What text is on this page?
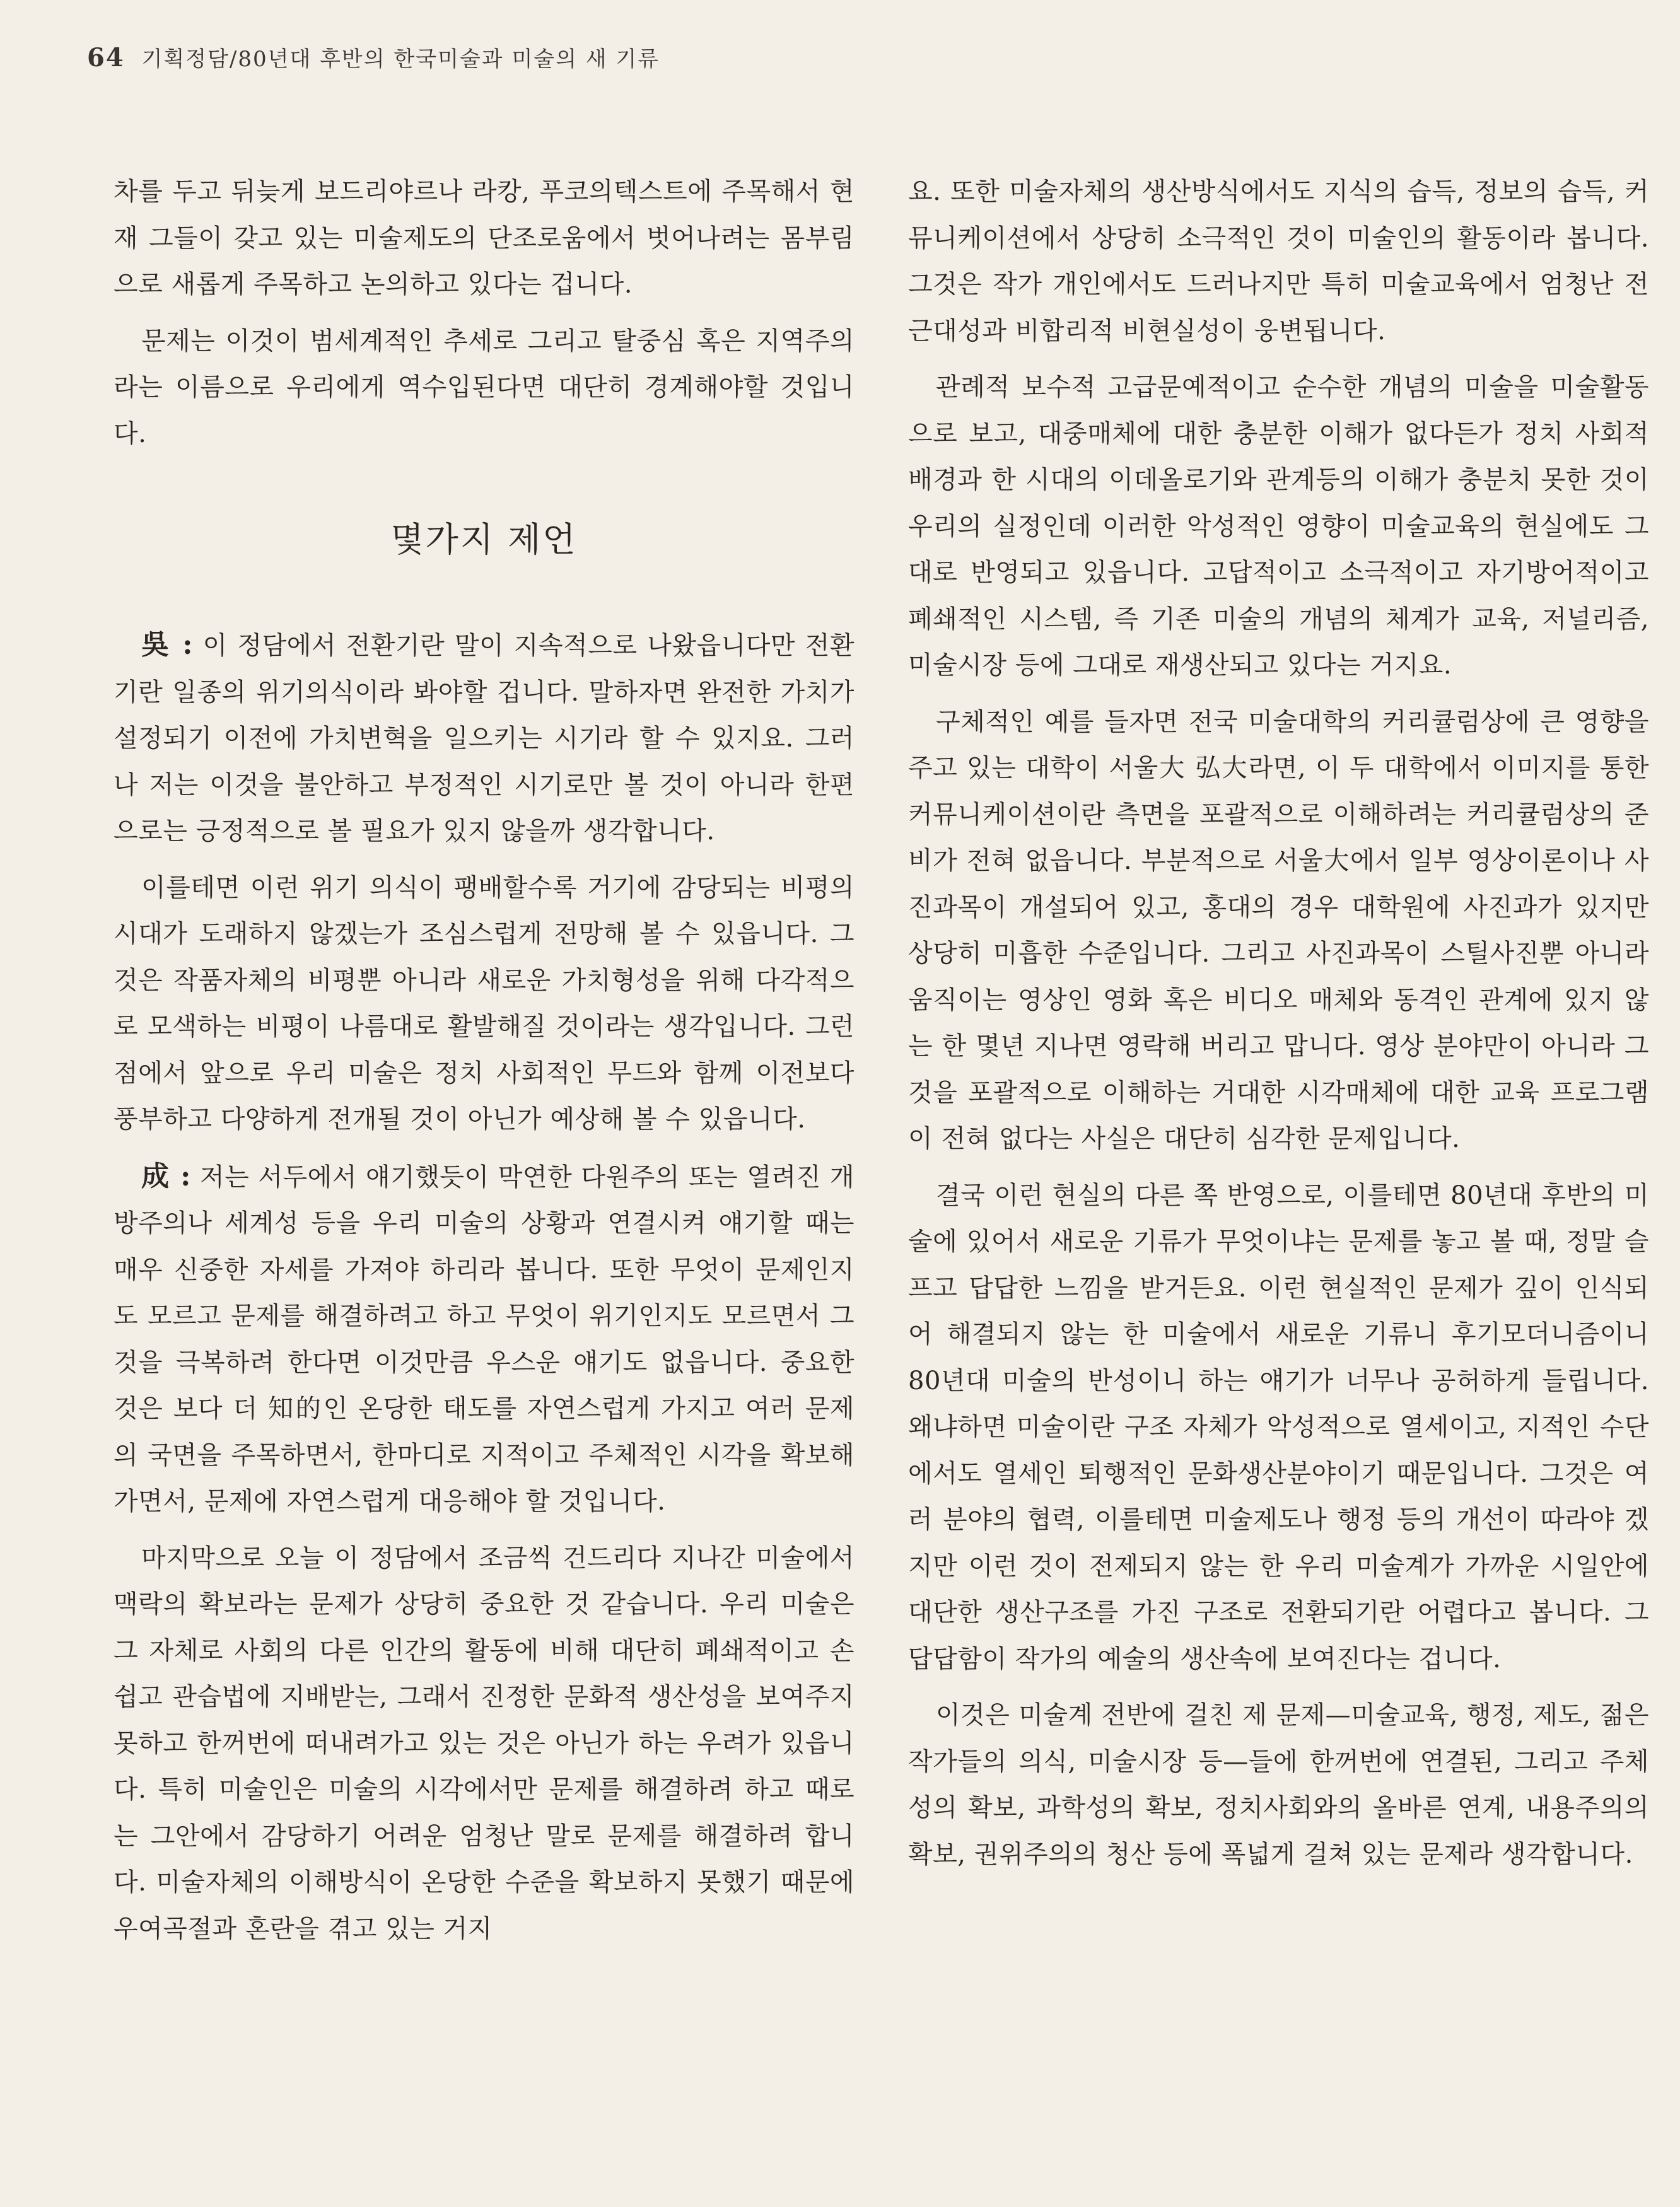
64 기획정담/80년대 후반의 한국미술과 미술의 새 기류

차를 두고 뒤늦게 보드리야르나 라캉, 푸코의텍스트에 주목해서 현재 그들이 갖고 있는 미술제도의 단조로움에서 벗어나려는 몸부림으로 새롭게 주목하고 논의하고 있다는 겁니다.

문제는 이것이 범세계적인 추세로 그리고 탈중심 혹은 지역주의라는 이름으로 우리에게 역수입된다면 대단히 경계해야할 것입니다.

몇가지 제언

吳 : 이 정담에서 전환기란 말이 지속적으로 나왔읍니다만 전환기란 일종의 위기의식이라 봐야할 겁니다. 말하자면 완전한 가치가 설정되기 이전에 가치변혁을 일으키는 시기라 할 수 있지요. 그러나 저는 이것을 불안하고 부정적인 시기로만 볼 것이 아니라 한편으로는 긍정적으로 볼 필요가 있지 않을까 생각합니다.

이를테면 이런 위기 의식이 팽배할수록 거기에 감당되는 비평의 시대가 도래하지 않겠는가 조심스럽게 전망해 볼 수 있읍니다. 그것은 작품자체의 비평뿐 아니라 새로운 가치형성을 위해 다각적으로 모색하는 비평이 나름대로 활발해질 것이라는 생각입니다. 그런 점에서 앞으로 우리 미술은 정치 사회적인 무드와 함께 이전보다 풍부하고 다양하게 전개될 것이 아닌가 예상해 볼 수 있읍니다.

成 : 저는 서두에서 얘기했듯이 막연한 다원주의 또는 열려진 개방주의나 세계성 등을 우리 미술의 상황과 연결시켜 얘기할 때는 매우 신중한 자세를 가져야 하리라 봅니다. 또한 무엇이 문제인지도 모르고 문제를 해결하려고 하고 무엇이 위기인지도 모르면서 그것을 극복하려 한다면 이것만큼 우스운 얘기도 없읍니다. 중요한 것은 보다 더 知的인 온당한 태도를 자연스럽게 가지고 여러 문제의 국면을 주목하면서, 한마디로 지적이고 주체적인 시각을 확보해 가면서, 문제에 자연스럽게 대응해야 할 것입니다.

마지막으로 오늘 이 정담에서 조금씩 건드리다 지나간 미술에서 맥락의 확보라는 문제가 상당히 중요한 것 같습니다. 우리 미술은 그 자체로 사회의 다른 인간의 활동에 비해 대단히 폐쇄적이고 손쉽고 관습법에 지배받는, 그래서 진정한 문화적 생산성을 보여주지 못하고 한꺼번에 떠내려가고 있는 것은 아닌가 하는 우려가 있읍니다. 특히 미술인은 미술의 시각에서만 문제를 해결하려 하고 때로는 그안에서 감당하기 어려운 엄청난 말로 문제를 해결하려 합니다. 미술자체의 이해방식이 온당한 수준을 확보하지 못했기 때문에 우여곡절과 혼란을 겪고 있는 거지

요. 또한 미술자체의 생산방식에서도 지식의 습득, 정보의 습득, 커뮤니케이션에서 상당히 소극적인 것이 미술인의 활동이라 봅니다. 그것은 작가 개인에서도 드러나지만 특히 미술교육에서 엄청난 전근대성과 비합리적 비현실성이 웅변됩니다.

관례적 보수적 고급문예적이고 순수한 개념의 미술을 미술활동으로 보고, 대중매체에 대한 충분한 이해가 없다든가 정치 사회적 배경과 한 시대의 이데올로기와 관계등의 이해가 충분치 못한 것이 우리의 실정인데 이러한 악성적인 영향이 미술교육의 현실에도 그대로 반영되고 있읍니다. 고답적이고 소극적이고 자기방어적이고 폐쇄적인 시스템, 즉 기존 미술의 개념의 체계가 교육, 저널리즘, 미술시장 등에 그대로 재생산되고 있다는 거지요.

구체적인 예를 들자면 전국 미술대학의 커리큘럼상에 큰 영향을 주고 있는 대학이 서울大 弘大라면, 이 두 대학에서 이미지를 통한 커뮤니케이션이란 측면을 포괄적으로 이해하려는 커리큘럼상의 준비가 전혀 없읍니다. 부분적으로 서울大에서 일부 영상이론이나 사진과목이 개설되어 있고, 홍대의 경우 대학원에 사진과가 있지만 상당히 미흡한 수준입니다. 그리고 사진과목이 스틸사진뿐 아니라 움직이는 영상인 영화 혹은 비디오 매체와 동격인 관계에 있지 않는 한 몇년 지나면 영락해 버리고 맙니다. 영상 분야만이 아니라 그것을 포괄적으로 이해하는 거대한 시각매체에 대한 교육 프로그램이 전혀 없다는 사실은 대단히 심각한 문제입니다.

결국 이런 현실의 다른 쪽 반영으로, 이를테면 80년대 후반의 미술에 있어서 새로운 기류가 무엇이냐는 문제를 놓고 볼 때, 정말 슬프고 답답한 느낌을 받거든요. 이런 현실적인 문제가 깊이 인식되어 해결되지 않는 한 미술에서 새로운 기류니 후기모더니즘이니 80년대 미술의 반성이니 하는 얘기가 너무나 공허하게 들립니다. 왜냐하면 미술이란 구조 자체가 악성적으로 열세이고, 지적인 수단에서도 열세인 퇴행적인 문화생산분야이기 때문입니다. 그것은 여러 분야의 협력, 이를테면 미술제도나 행정 등의 개선이 따라야 겠지만 이런 것이 전제되지 않는 한 우리 미술계가 가까운 시일안에 대단한 생산구조를 가진 구조로 전환되기란 어렵다고 봅니다. 그 답답함이 작가의 예술의 생산속에 보여진다는 겁니다.

이것은 미술계 전반에 걸친 제 문제—미술교육, 행정, 제도, 젊은 작가들의 의식, 미술시장 등—들에 한꺼번에 연결된, 그리고 주체성의 확보, 과학성의 확보, 정치사회와의 올바른 연계, 내용주의의 확보, 권위주의의 청산 등에 폭넓게 걸쳐 있는 문제라 생각합니다.
